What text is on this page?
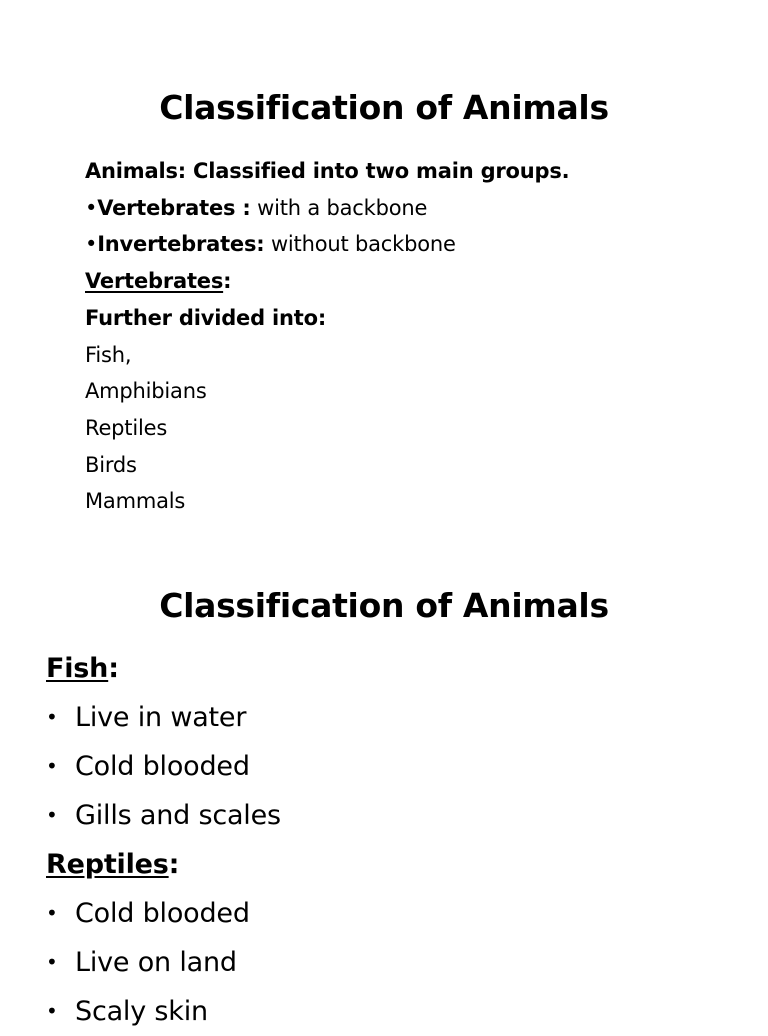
Classification of Animals
Animals: Classified into two main groups.
•Vertebrates : with a backbone
•Invertebrates: without backbone
Vertebrates:
Further divided into:
Fish,
Amphibians
Reptiles
Birds
Mammals
Classification of Animals
Fish:
• Live in water
• Cold blooded
• Gills and scales
Reptiles:
• Cold blooded
• Live on land
• Scaly skin
